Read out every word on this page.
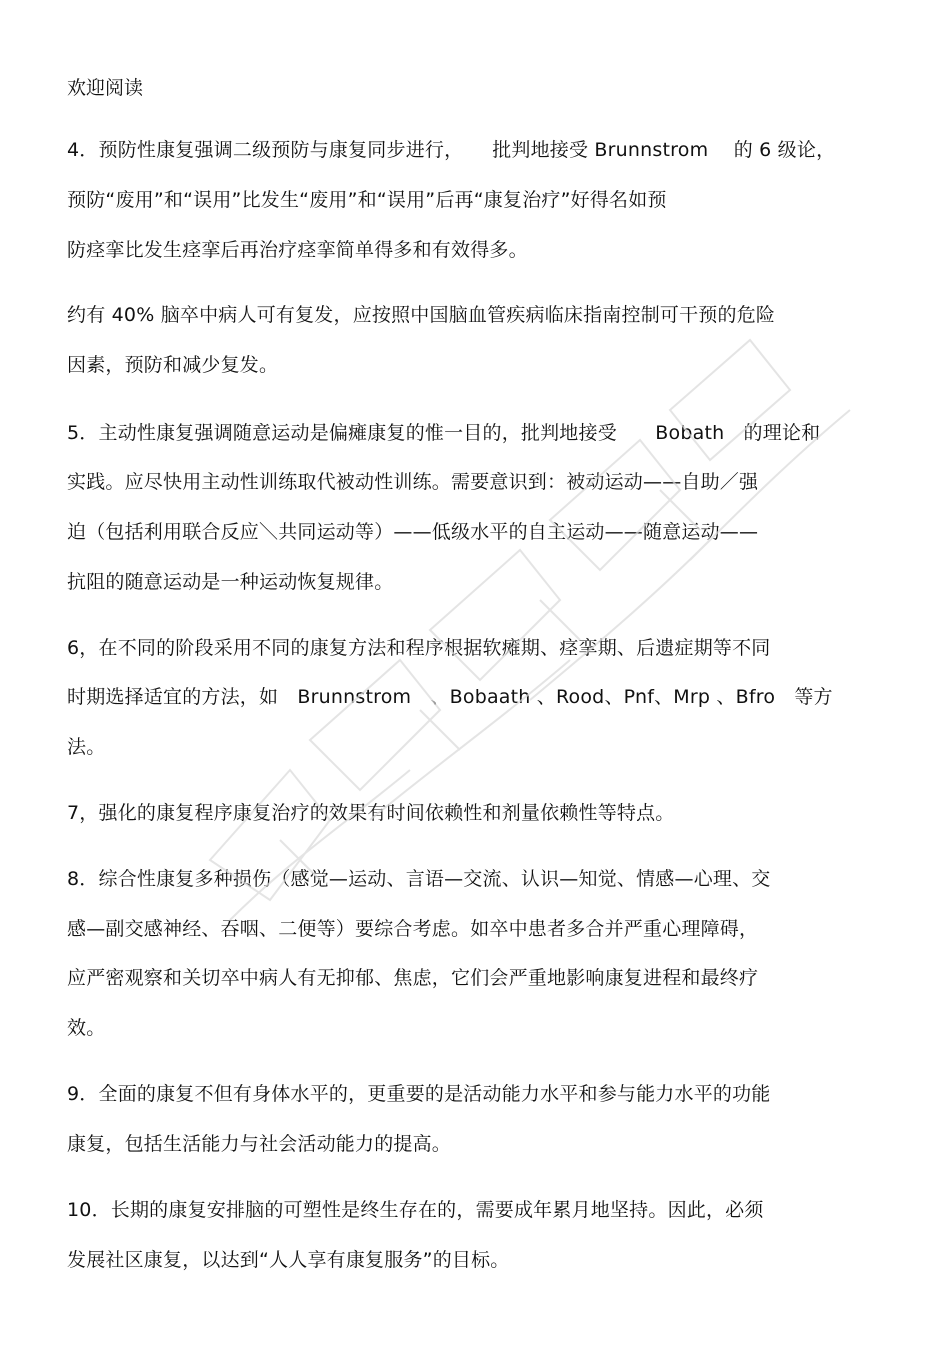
欢迎阅读
4．预防性康复强调二级预防与康复同步进行，　　批判地接受 Brunnstrom　 的 6 级论，
预防“废用”和“误用”比发生“废用”和“误用”后再“康复治疗”好得名如预
防痉挛比发生痉挛后再治疗痉挛简单得多和有效得多。
约有 40% 脑卒中病人可有复发，应按照中国脑血管疾病临床指南控制可干预的危险
因素，预防和减少复发。
5．主动性康复强调随意运动是偏瘫康复的惟一目的，批判地接受　　Bobath　的理论和
实践。应尽快用主动性训练取代被动性训练。需要意识到：被动运动——自助／强
迫（包括利用联合反应＼共同运动等）——低级水平的自主运动——随意运动——
抗阻的随意运动是一种运动恢复规律。
6，在不同的阶段采用不同的康复方法和程序根据软瘫期、痉挛期、后遗症期等不同
时期选择适宜的方法，如　Brunnstrom　、Bobaath 、Rood、Pnf、Mrp 、Bfro　等方
法。
7，强化的康复程序康复治疗的效果有时间依赖性和剂量依赖性等特点。
8．综合性康复多种损伤（感觉—运动、言语—交流、认识—知觉、情感—心理、交
感—副交感神经、吞咽、二便等）要综合考虑。如卒中患者多合并严重心理障碍，
应严密观察和关切卒中病人有无抑郁、焦虑，它们会严重地影响康复进程和最终疗
效。
9．全面的康复不但有身体水平的，更重要的是活动能力水平和参与能力水平的功能
康复，包括生活能力与社会活动能力的提高。
10．长期的康复安排脑的可塑性是终生存在的，需要成年累月地坚持。因此，必须
发展社区康复，以达到“人人享有康复服务”的目标。
